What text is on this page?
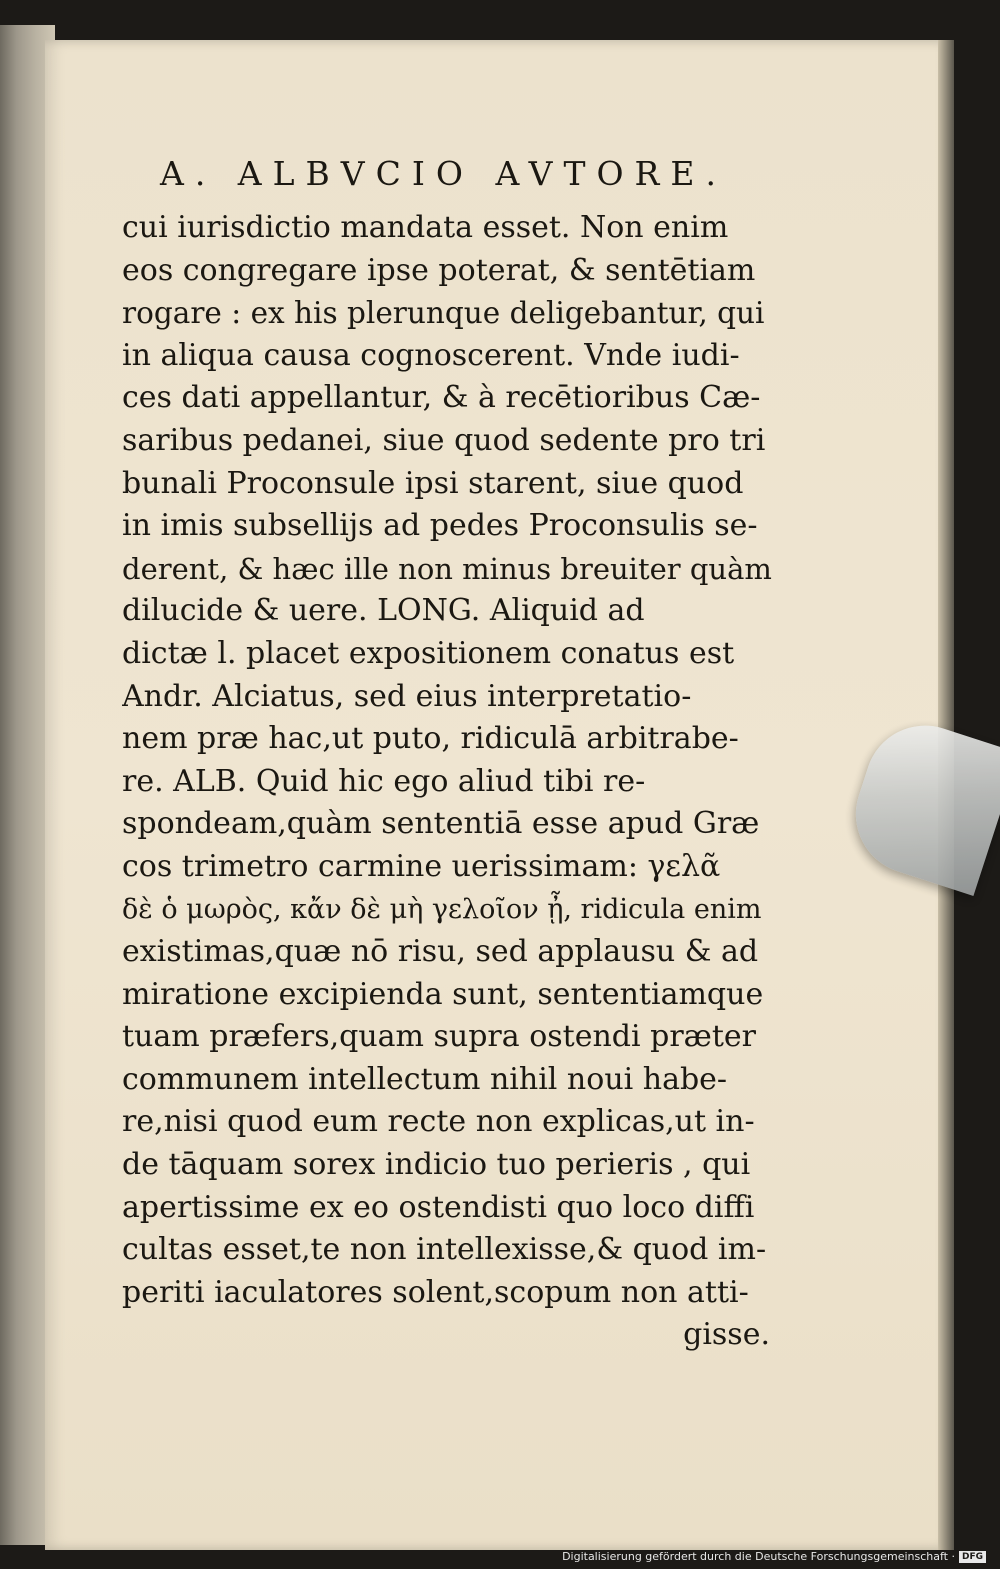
A. ALBVCIO AVTORE.
cui iurisdictio mandata esset. Non enim
eos congregare ipse poterat, & sentētiam
rogare : ex his plerunque deligebantur, qui
in aliqua causa cognoscerent. Vnde iudi-
ces dati appellantur, & à recētioribus Cæ-
saribus pedanei, siue quod sedente pro tri
bunali Proconsule ipsi starent, siue quod
in imis subsellijs ad pedes Proconsulis se-
derent, & hæc ille non minus breuiter quàm
dilucide & uere. LONG. Aliquid ad
dictæ l. placet expositionem conatus est
Andr. Alciatus, sed eius interpretatio-
nem præ hac,ut puto, ridiculā arbitrabe-
re. ALB. Quid hic ego aliud tibi re-
spondeam,quàm sententiā esse apud Græ
cos trimetro carmine uerissimam: γελᾶ
δὲ ὁ μωρὸς, κἄν δὲ μὴ γελοῖον ᾖ, ridicula enim
existimas,quæ nō risu, sed applausu & ad
miratione excipienda sunt, sententiamque
tuam præfers,quam supra ostendi præter
communem intellectum nihil noui habe-
re,nisi quod eum recte non explicas,ut in-
de tāquam sorex indicio tuo perieris , qui
apertissime ex eo ostendisti quo loco diffi
cultas esset,te non intellexisse,& quod im-
periti iaculatores solent,scopum non atti-
gisse.
Digitalisierung gefördert durch die Deutsche Forschungsgemeinschaft · DFG
